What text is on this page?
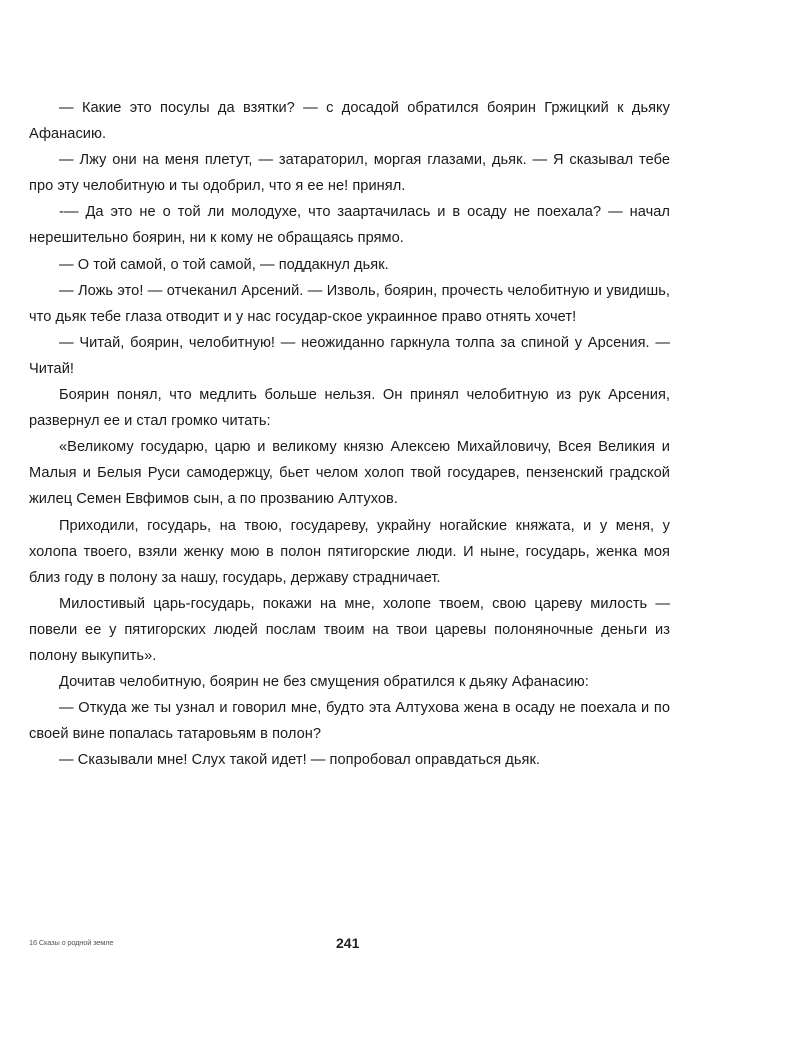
— Какие это посулы да взятки? — с досадой обратился боярин Гржицкий к дьяку Афанасию.

— Лжу они на меня плетут, — затараторил, моргая глазами, дьяк. — Я сказывал тебе про эту челобитную и ты одобрил, что я ее не! принял.

-— Да это не о той ли молодухе, что заартачилась и в осаду не поехала? — начал нерешительно боярин, ни к кому не обращаясь прямо.

— О той самой, о той самой, — поддакнул дьяк.

— Ложь это! — отчеканил Арсений. — Изволь, боярин, прочесть челобитную и увидишь, что дьяк тебе глаза отводит и у нас государ-ское украинное право отнять хочет!

— Читай, боярин, челобитную! — неожиданно гаркнула толпа за спиной у Арсения. — Читай!

Боярин понял, что медлить больше нельзя. Он принял челобитную из рук Арсения, развернул ее и стал громко читать:

«Великому государю, царю и великому князю Алексею Михайловичу, Всея Великия и Малыя и Белыя Руси самодержцу, бьет челом холоп твой государев, пензенский градской жилец Семен Евфимов сын, а по прозванию Алтухов.

Приходили, государь, на твою, государеву, украйну ногайские княжата, и у меня, у холопа твоего, взяли женку мою в полон пятигорские люди. И ныне, государь, женка моя близ году в полону за нашу, государь, державу страдничает.

Милостивый царь-государь, покажи на мне, холопе твоем, свою цареву милость — повели ее у пятигорских людей послам твоим на твои царевы полоняночные деньги из полону выкупить».

Дочитав челобитную, боярин не без смущения обратился к дьяку Афанасию:

— Откуда же ты узнал и говорил мне, будто эта Алтухова жена в осаду не поехала и по своей вине попалась татаровьям в полон?

— Сказывали мне! Слух такой идет! — попробовал оправдаться дьяк.

16 Сказы о родной земле	241
